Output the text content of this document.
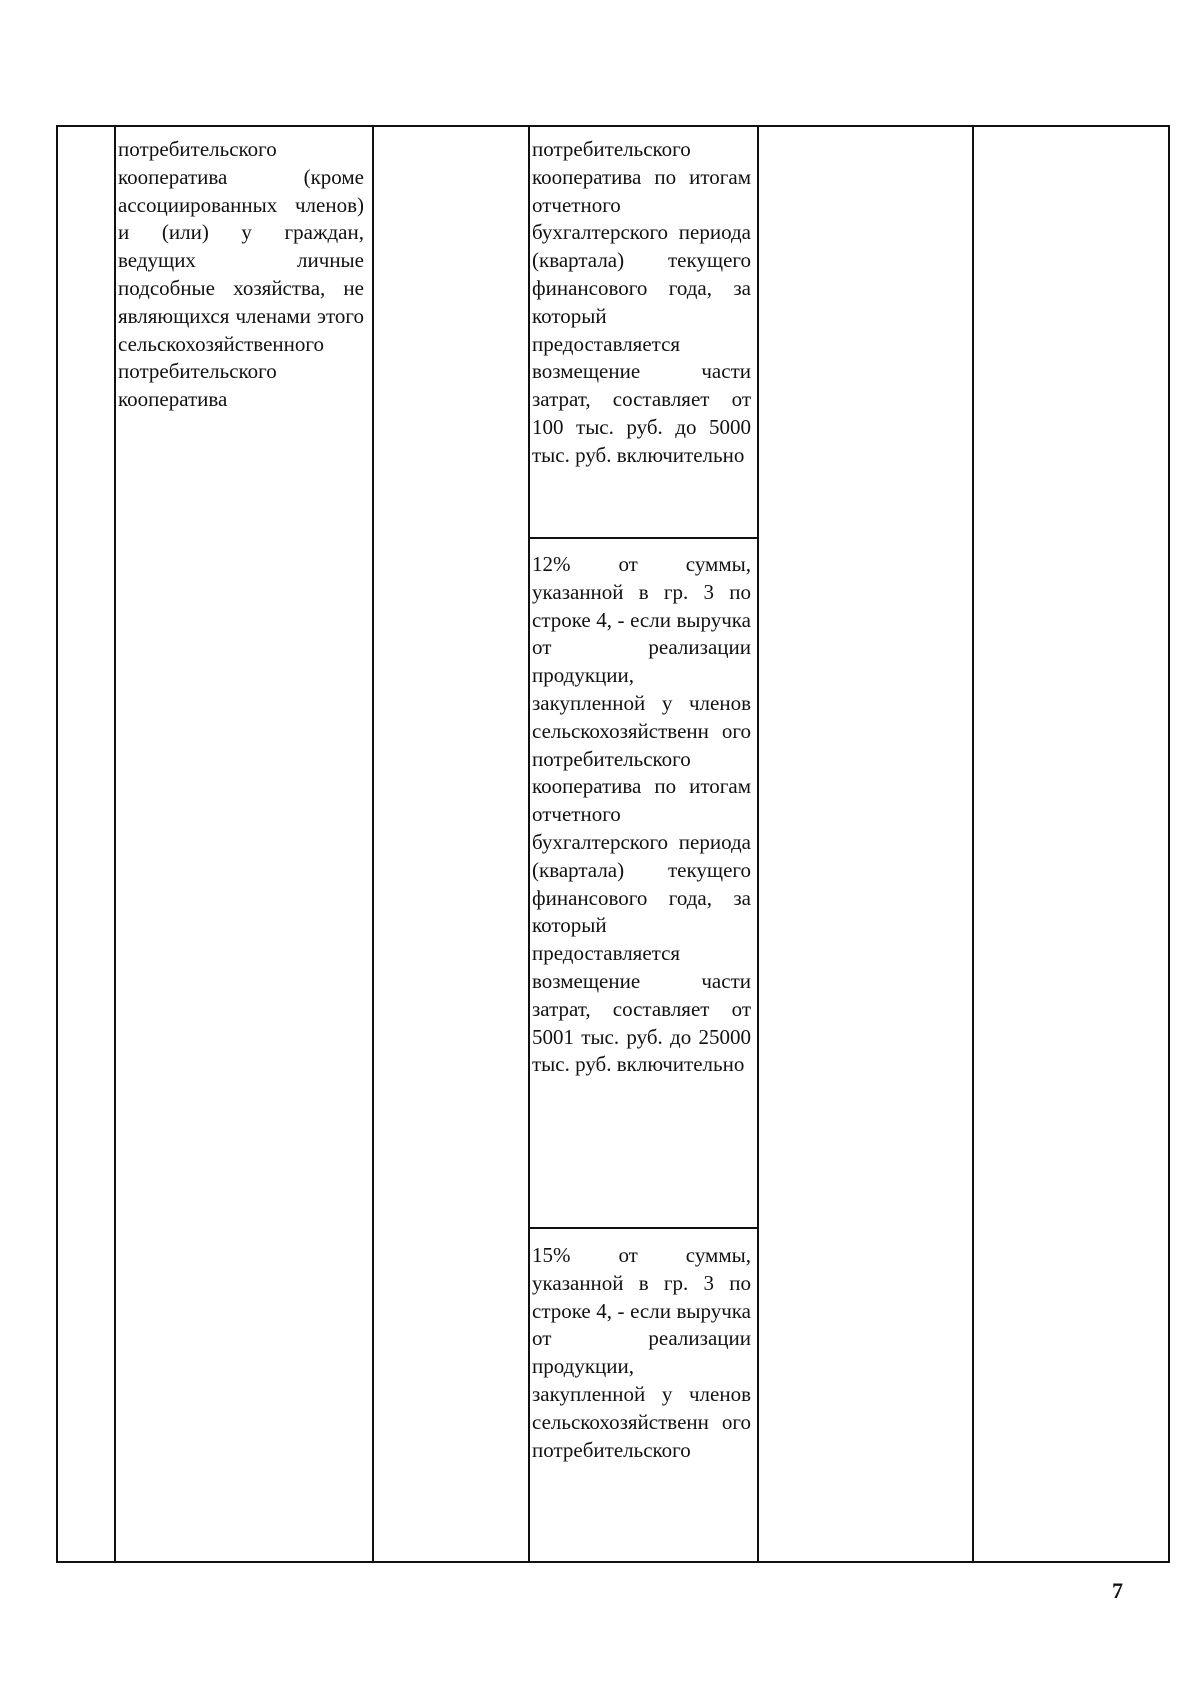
потребительского кооператива (кроме ассоциированных членов) и (или) у граждан, ведущих личные подсобные хозяйства, не являющихся членами этого сельскохозяйственного потребительского кооператива
потребительского кооператива по итогам отчетного бухгалтерского периода (квартала) текущего финансового года, за который предоставляется возмещение части затрат, составляет от 100 тыс. руб. до 5000 тыс. руб. включительно
12% от суммы, указанной в гр. 3 по строке 4, - если выручка от реализации продукции, закупленной у членов сельскохозяйственн ого потребительского кооператива по итогам отчетного бухгалтерского периода (квартала) текущего финансового года, за который предоставляется возмещение части затрат, составляет от 5001 тыс. руб. до 25000 тыс. руб. включительно
15% от суммы, указанной в гр. 3 по строке 4, - если выручка от реализации продукции, закупленной у членов сельскохозяйственн ого потребительского
7
